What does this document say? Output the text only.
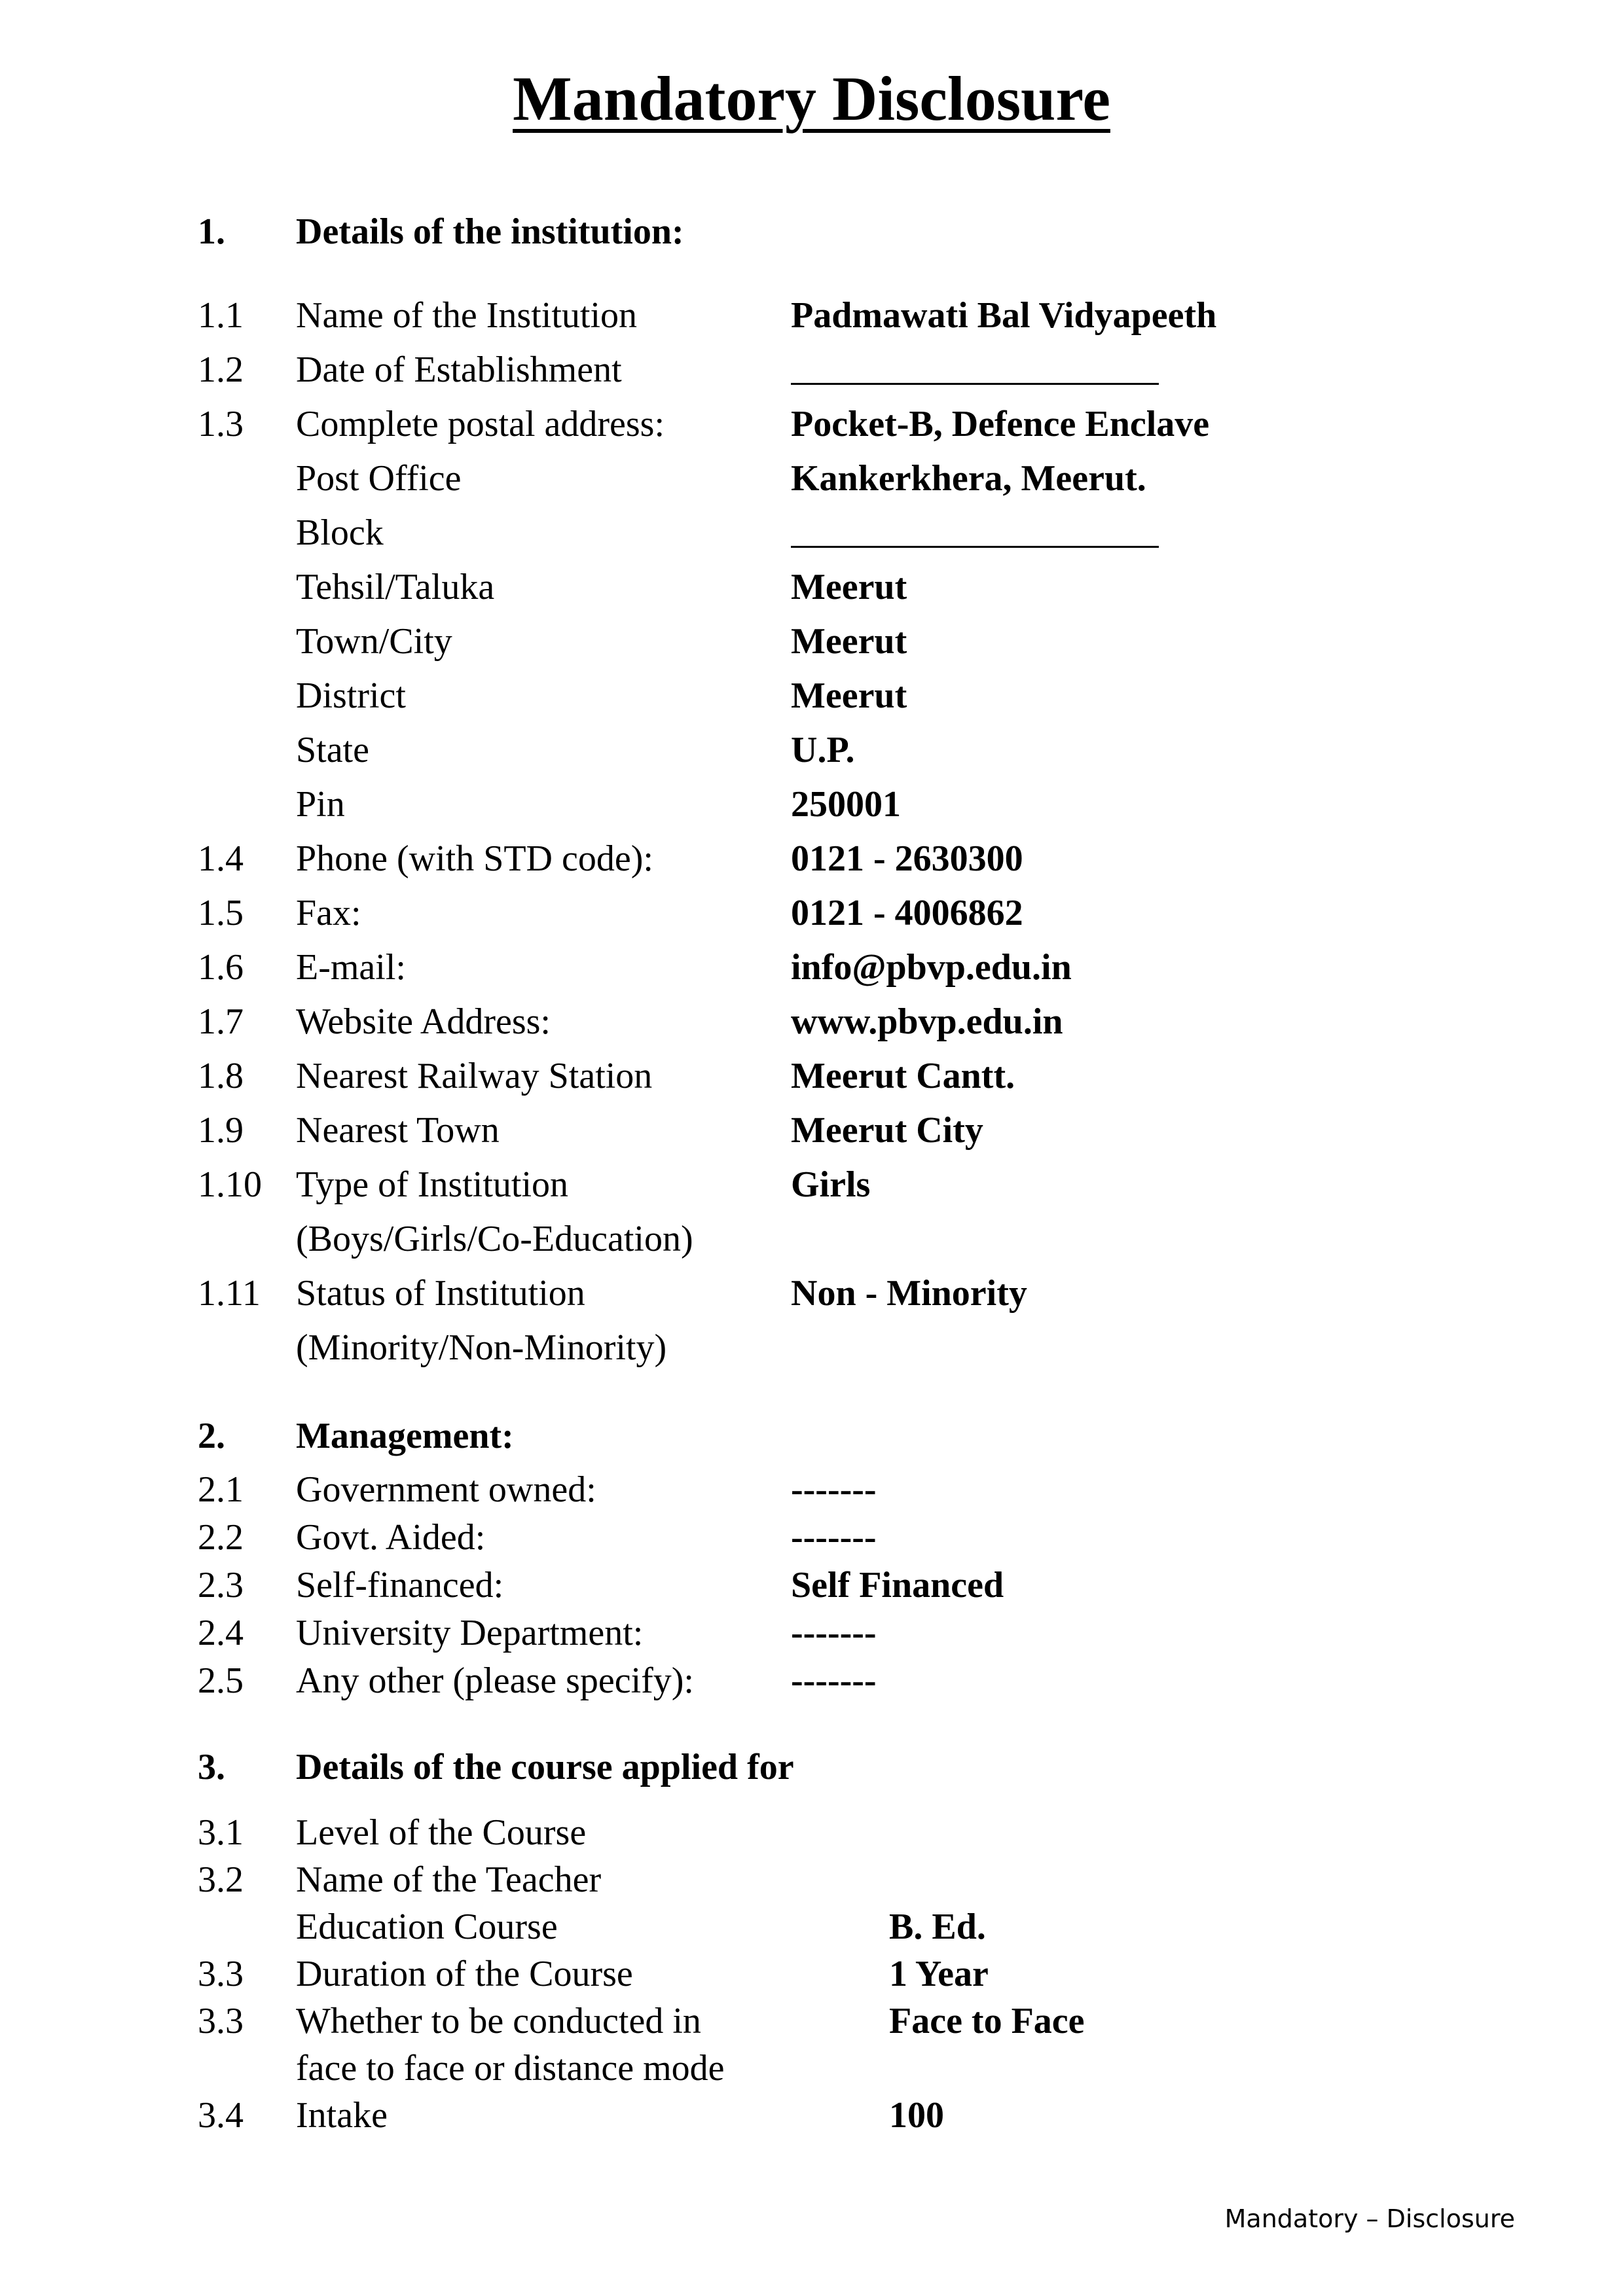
Mandatory Disclosure
1. Details of the institution:
1.1 Name of the Institution	Padmawati Bal Vidyapeeth
1.2 Date of Establishment
1.3 Complete postal address:	Pocket-B, Defence Enclave
Post Office	Kankerkhera, Meerut.
Block
Tehsil/Taluka	Meerut
Town/City	Meerut
District	Meerut
State	U.P.
Pin	250001
1.4 Phone (with STD code):	0121 - 2630300
1.5 Fax:	0121 - 4006862
1.6 E-mail:	info@pbvp.edu.in
1.7 Website Address:	www.pbvp.edu.in
1.8 Nearest Railway Station	Meerut Cantt.
1.9 Nearest Town	Meerut City
1.10 Type of Institution	Girls
(Boys/Girls/Co-Education)
1.11 Status of Institution	Non - Minority
(Minority/Non-Minority)
2. Management:
2.1 Government owned:	-------
2.2 Govt. Aided:	-------
2.3 Self-financed:	Self Financed
2.4 University Department:	-------
2.5 Any other (please specify):	-------
3. Details of the course applied for
3.1 Level of the Course
3.2 Name of the Teacher
Education Course	B. Ed.
3.3 Duration of the Course	1 Year
3.3 Whether to be conducted in	Face to Face
face to face or distance mode
3.4 Intake	100
Mandatory – Disclosure
